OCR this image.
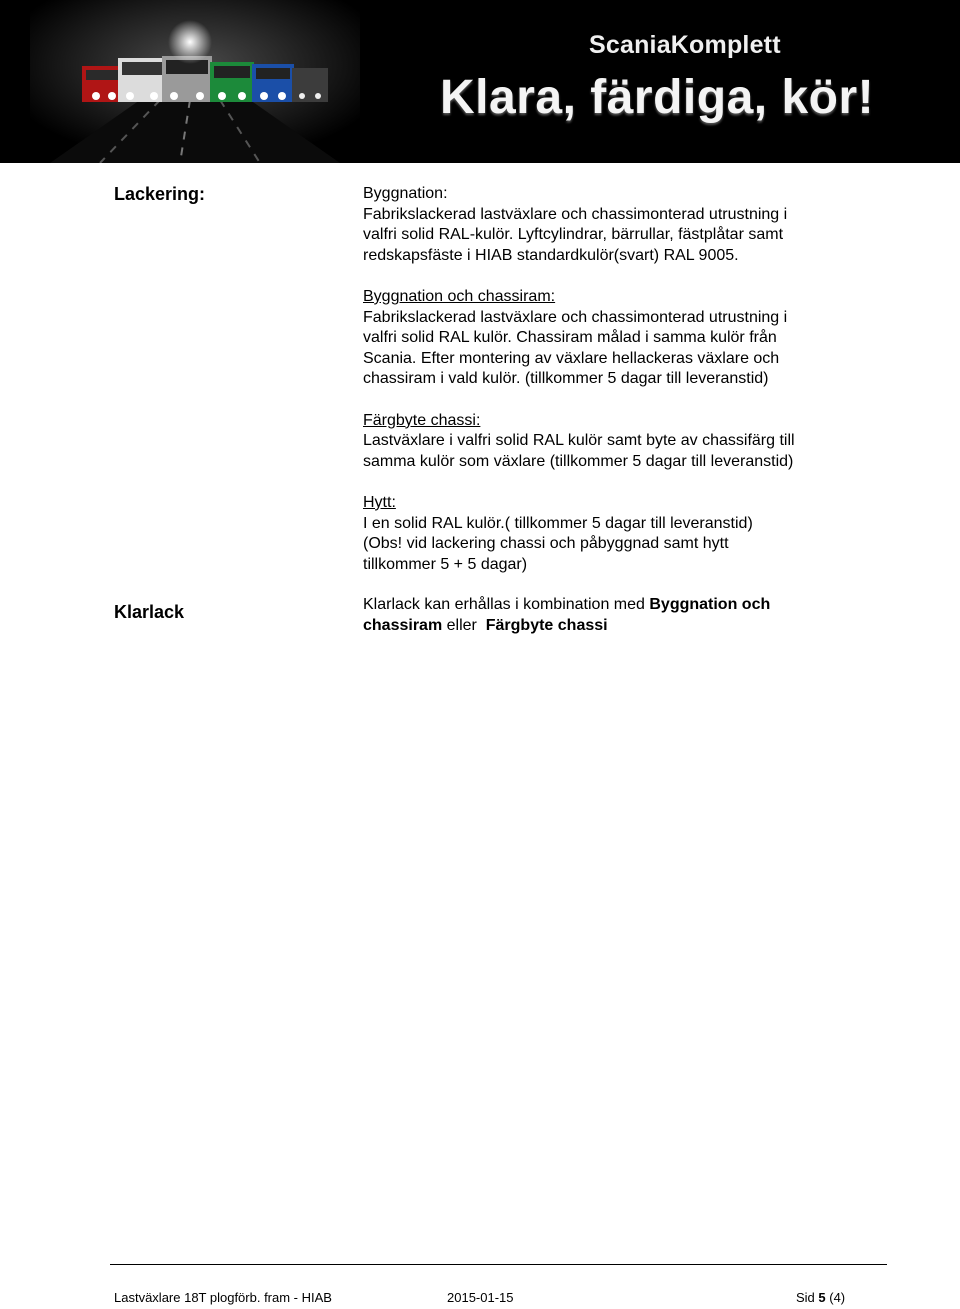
ScaniaKomplett
Klara, färdiga, kör!
Lackering:	Byggnation:
Fabrikslackerad lastväxlare och chassimonterad utrustning i
valfri solid RAL-kulör. Lyftcylindrar, bärrullar, fästplåtar samt
redskapsfäste i HIAB standardkulör(svart) RAL 9005.
Byggnation och chassiram:
Fabrikslackerad lastväxlare och chassimonterad utrustning i
valfri solid RAL kulör. Chassiram målad i samma kulör från
Scania. Efter montering av växlare hellackeras växlare och
chassiram i vald kulör. (tillkommer 5 dagar till leveranstid)
Färgbyte chassi:
Lastväxlare i valfri solid RAL kulör samt byte av chassifärg till
samma kulör som växlare (tillkommer 5 dagar till leveranstid)
Hytt:
I en solid RAL kulör.( tillkommer 5 dagar till leveranstid)
(Obs! vid lackering chassi och påbyggnad samt hytt
tillkommer 5 + 5 dagar)
Klarlack	Klarlack kan erhållas i kombination med Byggnation och
chassiram eller  Färgbyte chassi
Lastväxlare 18T plogförb. fram - HIAB	2015-01-15	Sid 5 (4)
